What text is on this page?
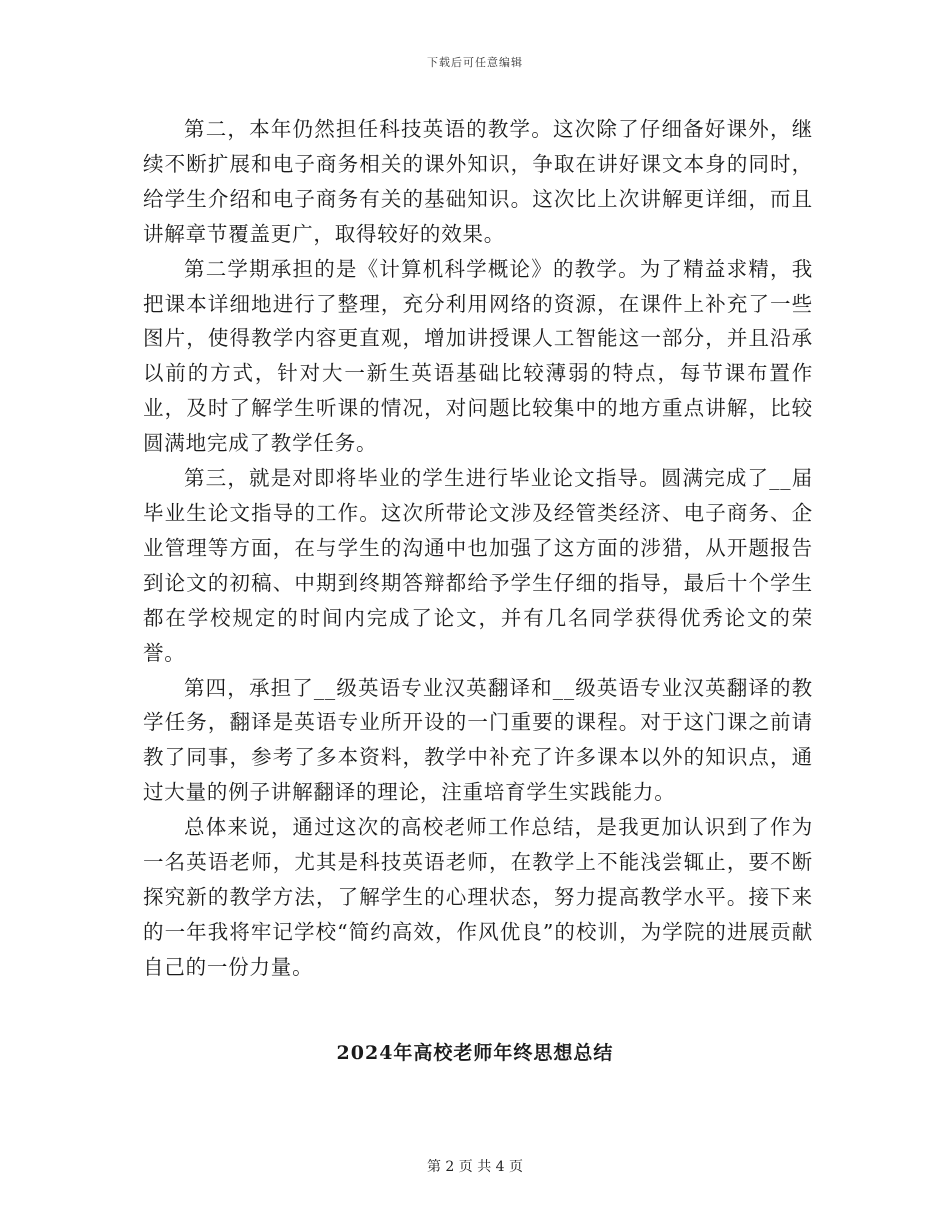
下载后可任意编辑

第二，本年仍然担任科技英语的教学。这次除了仔细备好课外，继续不断扩展和电子商务相关的课外知识，争取在讲好课文本身的同时，给学生介绍和电子商务有关的基础知识。这次比上次讲解更详细，而且讲解章节覆盖更广，取得较好的效果。

第二学期承担的是《计算机科学概论》的教学。为了精益求精，我把课本详细地进行了整理，充分利用网络的资源，在课件上补充了一些图片，使得教学内容更直观，增加讲授课人工智能这一部分，并且沿承以前的方式，针对大一新生英语基础比较薄弱的特点，每节课布置作业，及时了解学生听课的情况，对问题比较集中的地方重点讲解，比较圆满地完成了教学任务。

第三，就是对即将毕业的学生进行毕业论文指导。圆满完成了__届毕业生论文指导的工作。这次所带论文涉及经管类经济、电子商务、企业管理等方面，在与学生的沟通中也加强了这方面的涉猎，从开题报告到论文的初稿、中期到终期答辩都给予学生仔细的指导，最后十个学生都在学校规定的时间内完成了论文，并有几名同学获得优秀论文的荣誉。

第四，承担了__级英语专业汉英翻译和__级英语专业汉英翻译的教学任务，翻译是英语专业所开设的一门重要的课程。对于这门课之前请教了同事，参考了多本资料，教学中补充了许多课本以外的知识点，通过大量的例子讲解翻译的理论，注重培育学生实践能力。

总体来说，通过这次的高校老师工作总结，是我更加认识到了作为一名英语老师，尤其是科技英语老师，在教学上不能浅尝辄止，要不断探究新的教学方法，了解学生的心理状态，努力提高教学水平。接下来的一年我将牢记学校“简约高效，作风优良”的校训，为学院的进展贡献自己的一份力量。

2024年高校老师年终思想总结
第 2 页 共 4 页
